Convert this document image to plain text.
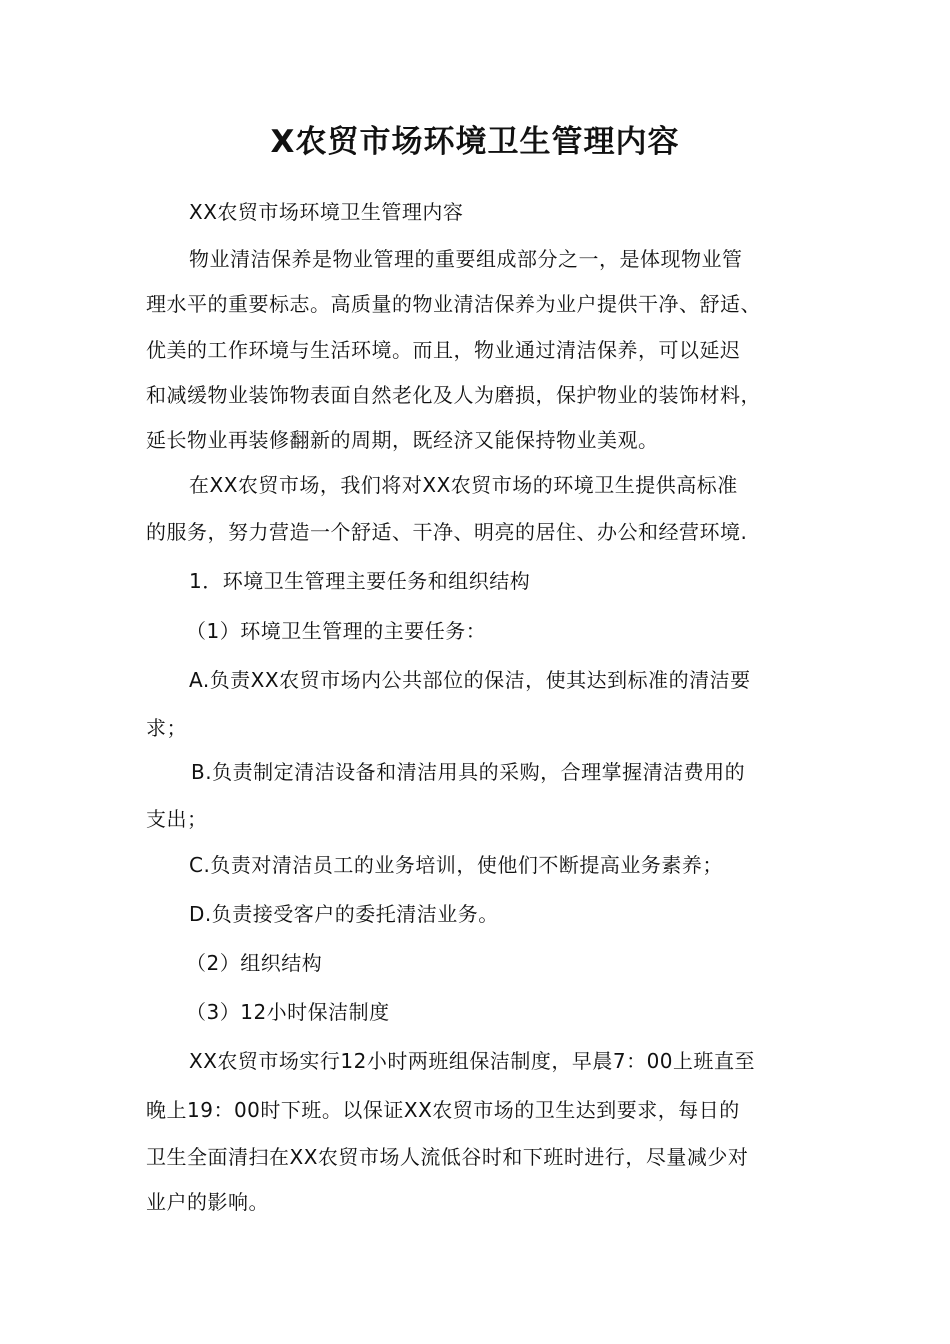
X农贸市场环境卫生管理内容
XX农贸市场环境卫生管理内容
物业清洁保养是物业管理的重要组成部分之一，是体现物业管
理水平的重要标志。高质量的物业清洁保养为业户提供干净、舒适、
优美的工作环境与生活环境。而且，物业通过清洁保养，可以延迟
和减缓物业装饰物表面自然老化及人为磨损，保护物业的装饰材料，
延长物业再装修翻新的周期，既经济又能保持物业美观。
在XX农贸市场，我们将对XX农贸市场的环境卫生提供高标准
的服务，努力营造一个舒适、干净、明亮的居住、办公和经营环境.
1．环境卫生管理主要任务和组织结构
（1）环境卫生管理的主要任务：
A.负责XX农贸市场内公共部位的保洁，使其达到标准的清洁要
求；
B.负责制定清洁设备和清洁用具的采购，合理掌握清洁费用的
支出；
C.负责对清洁员工的业务培训，使他们不断提高业务素养；
D.负责接受客户的委托清洁业务。
（2）组织结构
（3）12小时保洁制度
XX农贸市场实行12小时两班组保洁制度，早晨7：00上班直至
晚上19：00时下班。以保证XX农贸市场的卫生达到要求，每日的
卫生全面清扫在XX农贸市场人流低谷时和下班时进行，尽量减少对
业户的影响。
